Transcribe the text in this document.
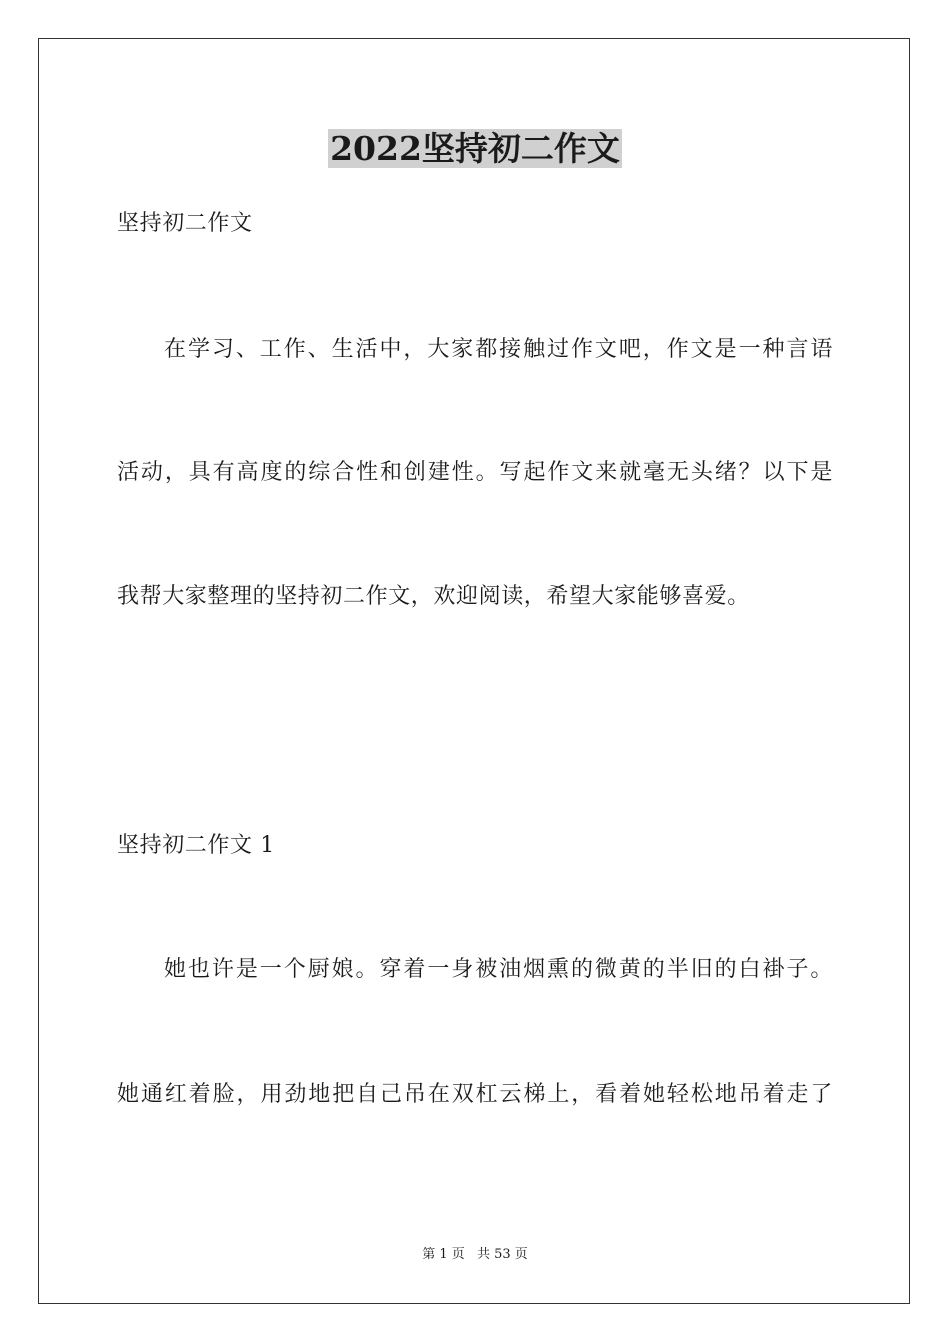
2022坚持初二作文

坚持初二作文

在学习、工作、生活中，大家都接触过作文吧，作文是一种言语

活动，具有高度的综合性和创建性。写起作文来就毫无头绪？以下是

我帮大家整理的坚持初二作文，欢迎阅读，希望大家能够喜爱。

坚持初二作文 1

她也许是一个厨娘。穿着一身被油烟熏的微黄的半旧的白褂子。

她通红着脸，用劲地把自己吊在双杠云梯上，看着她轻松地吊着走了

第 1 页 共 53 页
